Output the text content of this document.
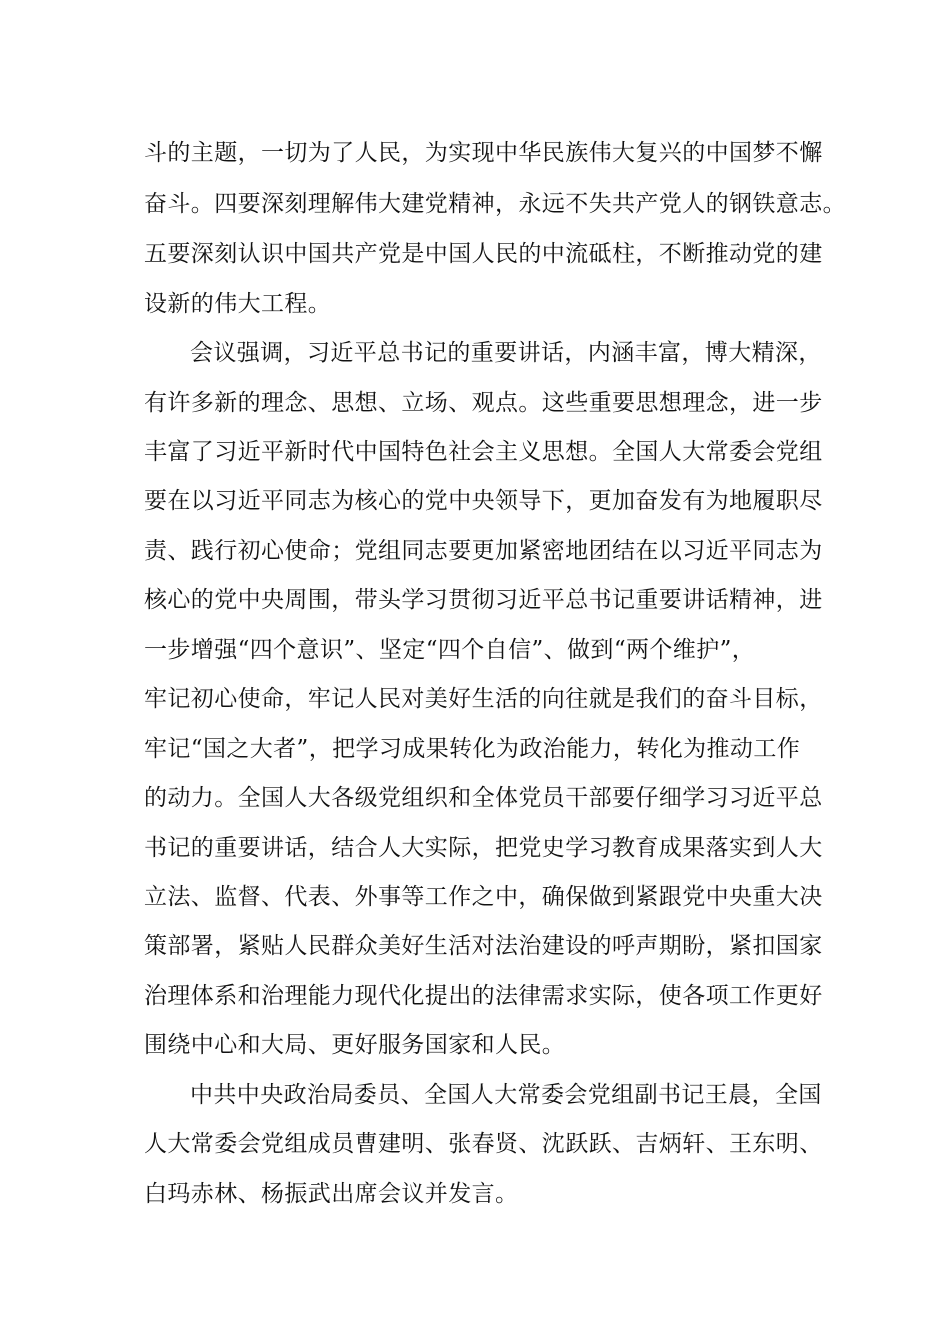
斗的主题，一切为了人民，为实现中华民族伟大复兴的中国梦不懈

奋斗。四要深刻理解伟大建党精神，永远不失共产党人的钢铁意志。

五要深刻认识中国共产党是中国人民的中流砥柱，不断推动党的建

设新的伟大工程。

会议强调，习近平总书记的重要讲话，内涵丰富，博大精深，

有许多新的理念、思想、立场、观点。这些重要思想理念，进一步

丰富了习近平新时代中国特色社会主义思想。全国人大常委会党组

要在以习近平同志为核心的党中央领导下，更加奋发有为地履职尽

责、践行初心使命；党组同志要更加紧密地团结在以习近平同志为

核心的党中央周围，带头学习贯彻习近平总书记重要讲话精神，进

一步增强“四个意识”、坚定“四个自信”、做到“两个维护”，

牢记初心使命，牢记人民对美好生活的向往就是我们的奋斗目标，

牢记“国之大者”，把学习成果转化为政治能力，转化为推动工作

的动力。全国人大各级党组织和全体党员干部要仔细学习习近平总

书记的重要讲话，结合人大实际，把党史学习教育成果落实到人大

立法、监督、代表、外事等工作之中，确保做到紧跟党中央重大决

策部署，紧贴人民群众美好生活对法治建设的呼声期盼，紧扣国家

治理体系和治理能力现代化提出的法律需求实际，使各项工作更好

围绕中心和大局、更好服务国家和人民。

中共中央政治局委员、全国人大常委会党组副书记王晨，全国

人大常委会党组成员曹建明、张春贤、沈跃跃、吉炳轩、王东明、

白玛赤林、杨振武出席会议并发言。
